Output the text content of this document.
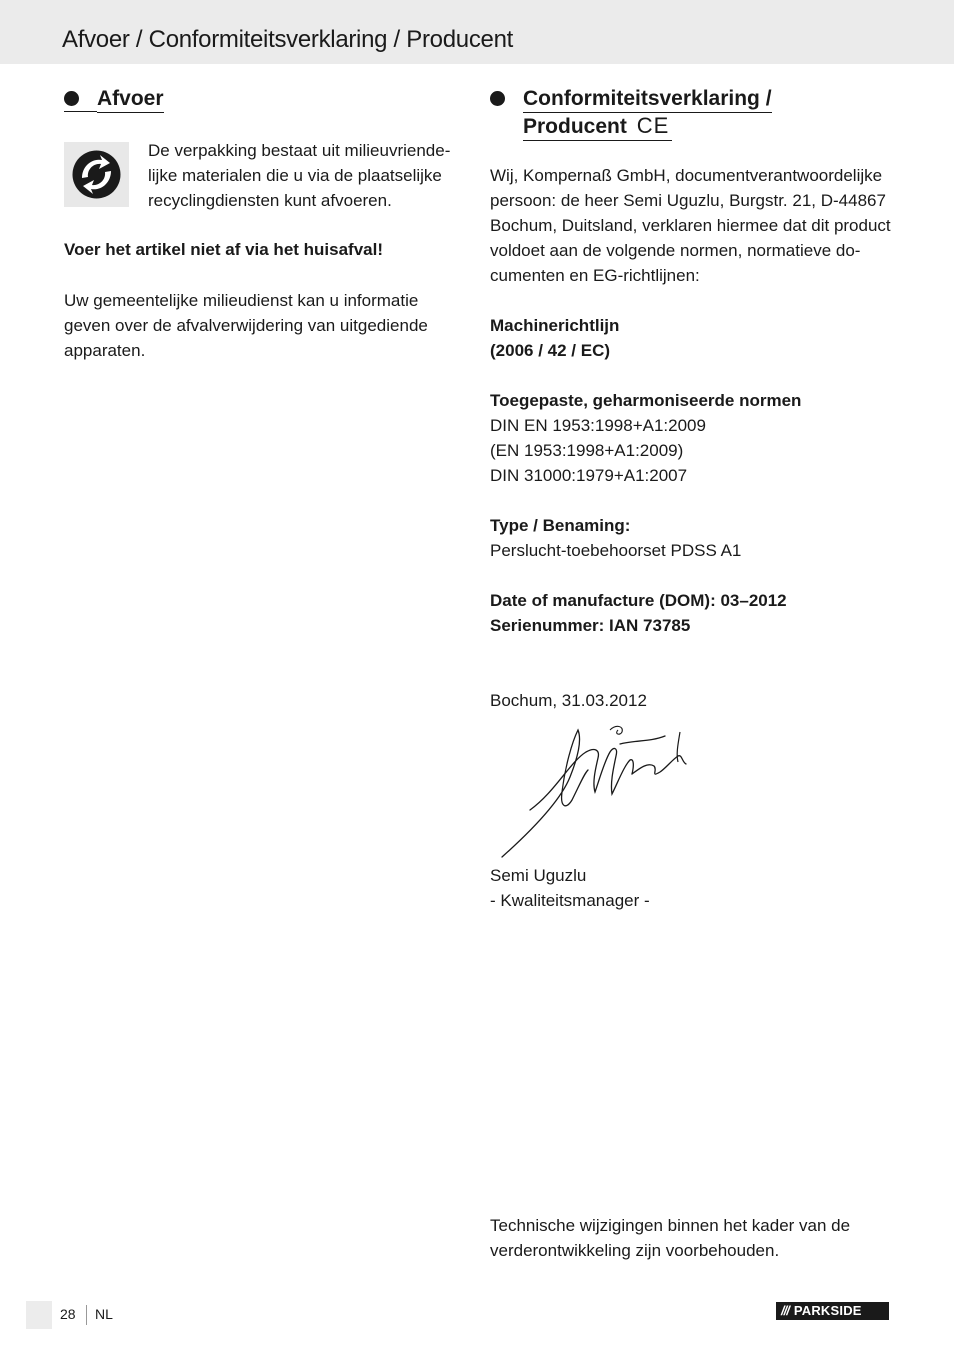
Afvoer / Conformiteitsverklaring / Producent
Afvoer

De verpakking bestaat uit milieuvriende-
lijke materialen die u via de plaatselijke
recyclingdiensten kunt afvoeren.

Voer het artikel niet af via het huisafval!

Uw gemeentelijke milieudienst kan u informatie
geven over de afvalverwijdering van uitgediende
apparaten.

Conformiteitsverklaring /
Producent CE

Wij, Kompernaß GmbH, documentverantwoordelijke
persoon: de heer Semi Uguzlu, Burgstr. 21, D-44867
Bochum, Duitsland, verklaren hiermee dat dit product
voldoet aan de volgende normen, normatieve do-
cumenten en EG-richtlijnen:

Machinerichtlijn
(2006 / 42 / EC)

Toegepaste, geharmoniseerde normen
DIN EN 1953:1998+A1:2009
(EN 1953:1998+A1:2009)
DIN 31000:1979+A1:2007

Type / Benaming:
Perslucht-toebehoorset PDSS A1

Date of manufacture (DOM): 03–2012
Serienummer: IAN 73785

Bochum, 31.03.2012

Semi Uguzlu
- Kwaliteitsmanager -

Technische wijzigingen binnen het kader van de
verderontwikkeling zijn voorbehouden.

28 NL	/// PARKSIDE
